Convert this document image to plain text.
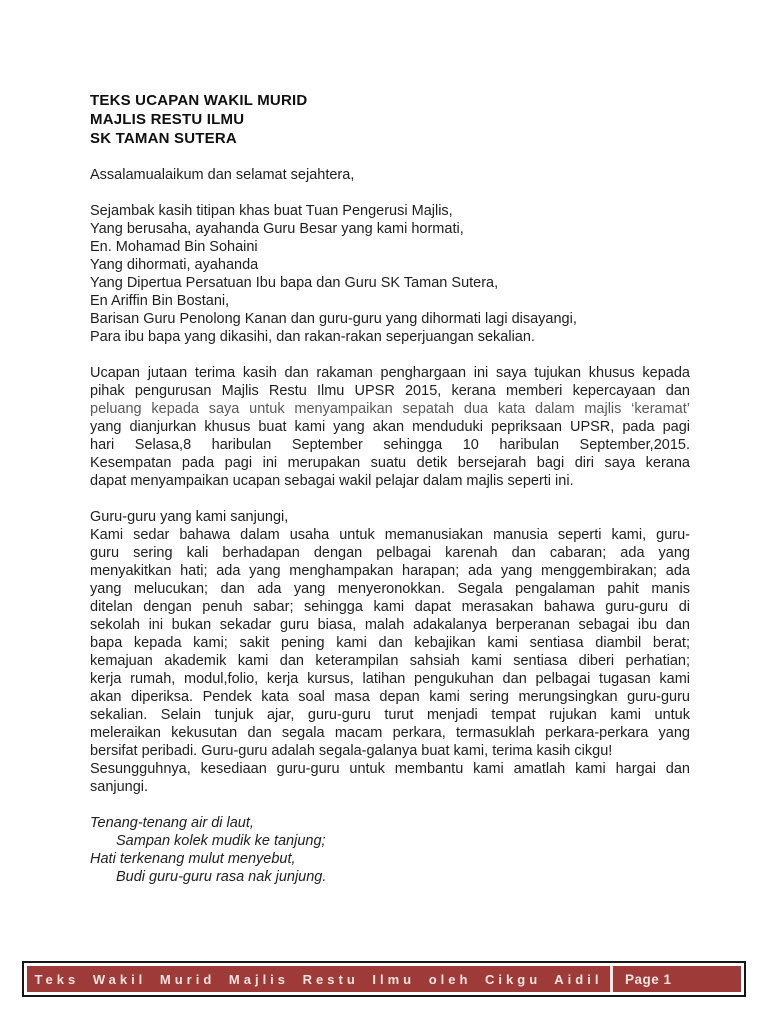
TEKS UCAPAN WAKIL MURID
MAJLIS RESTU ILMU
SK TAMAN SUTERA
Assalamualaikum dan selamat sejahtera,
Sejambak kasih titipan khas buat Tuan Pengerusi Majlis,
Yang berusaha, ayahanda Guru Besar yang kami hormati,
En. Mohamad Bin Sohaini
Yang dihormati, ayahanda
Yang Dipertua Persatuan Ibu bapa dan Guru SK Taman Sutera,
En Ariffin Bin Bostani,
Barisan Guru Penolong Kanan dan guru-guru yang dihormati lagi disayangi,
Para ibu bapa yang dikasihi, dan rakan-rakan seperjuangan sekalian.
Ucapan jutaan terima kasih dan rakaman penghargaan ini saya tujukan khusus kepada
pihak pengurusan Majlis Restu Ilmu UPSR 2015, kerana memberi kepercayaan dan
peluang kepada saya untuk menyampaikan sepatah dua kata dalam majlis ‘keramat’
yang dianjurkan khusus buat kami yang akan menduduki pepriksaan UPSR, pada pagi
hari Selasa,8 haribulan September sehingga 10 haribulan September,2015.
Kesempatan pada pagi ini merupakan suatu detik bersejarah bagi diri saya kerana
dapat menyampaikan ucapan sebagai wakil pelajar dalam majlis seperti ini.
Guru-guru yang kami sanjungi,
Kami sedar bahawa dalam usaha untuk memanusiakan manusia seperti kami, guru-
guru sering kali berhadapan dengan pelbagai karenah dan cabaran; ada yang
menyakitkan hati; ada yang menghampakan harapan; ada yang menggembirakan; ada
yang melucukan; dan ada yang menyeronokkan. Segala pengalaman pahit manis
ditelan dengan penuh sabar; sehingga kami dapat merasakan bahawa guru-guru di
sekolah ini bukan sekadar guru biasa, malah adakalanya berperanan sebagai ibu dan
bapa kepada kami; sakit pening kami dan kebajikan kami sentiasa diambil berat;
kemajuan akademik kami dan keterampilan sahsiah kami sentiasa diberi perhatian;
kerja rumah, modul,folio, kerja kursus, latihan pengukuhan dan pelbagai tugasan kami
akan diperiksa. Pendek kata soal masa depan kami sering merungsingkan guru-guru
sekalian. Selain tunjuk ajar, guru-guru turut menjadi tempat rujukan kami untuk
meleraikan kekusutan dan segala macam perkara, termasuklah perkara-perkara yang
bersifat peribadi. Guru-guru adalah segala-galanya buat kami, terima kasih cikgu!
Sesungguhnya, kesediaan guru-guru untuk membantu kami amatlah kami hargai dan
sanjungi.
Tenang-tenang air di laut,
Sampan kolek mudik ke tanjung;
Hati terkenang mulut menyebut,
Budi guru-guru rasa nak junjung.
Teks Wakil Murid Majlis Restu Ilmu oleh Cikgu Aidil	Page 1
